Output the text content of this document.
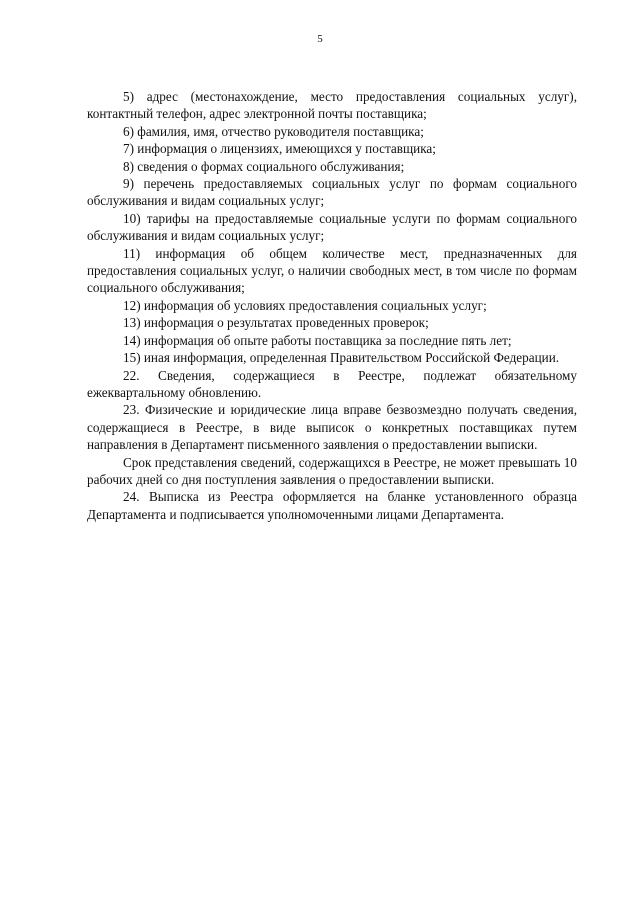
5

5) адрес (местонахождение, место предоставления социальных услуг), контактный телефон, адрес электронной почты поставщика;

6) фамилия, имя, отчество руководителя поставщика;

7) информация о лицензиях, имеющихся у поставщика;

8) сведения о формах социального обслуживания;

9) перечень предоставляемых социальных услуг по формам социального обслуживания и видам социальных услуг;

10) тарифы на предоставляемые социальные услуги по формам социального обслуживания и видам социальных услуг;

11) информация об общем количестве мест, предназначенных для предоставления социальных услуг, о наличии свободных мест, в том числе по формам социального обслуживания;

12) информация об условиях предоставления социальных услуг;

13) информация о результатах проведенных проверок;

14) информация об опыте работы поставщика за последние пять лет;

15) иная информация, определенная Правительством Российской Федерации.

22. Сведения, содержащиеся в Реестре, подлежат обязательному ежеквартальному обновлению.

23. Физические и юридические лица вправе безвозмездно получать сведения, содержащиеся в Реестре, в виде выписок о конкретных поставщиках путем направления в Департамент письменного заявления о предоставлении выписки.

Срок представления сведений, содержащихся в Реестре, не может превышать 10 рабочих дней со дня поступления заявления о предоставлении выписки.

24. Выписка из Реестра оформляется на бланке установленного образца Департамента и подписывается уполномоченными лицами Департамента.
